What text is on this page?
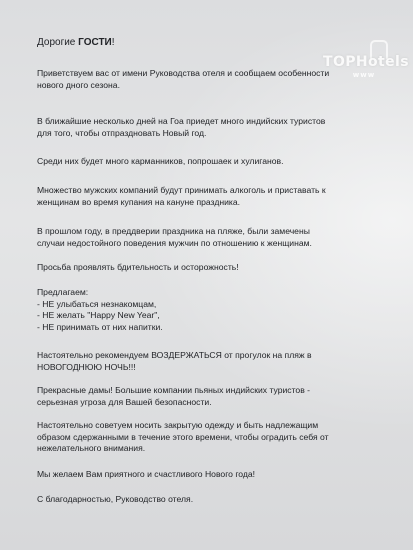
Дорогие ГОСТИ!
Приветствуем вас от имени Руководства отеля и сообщаем особенности
нового дного сезона.
В ближайшие несколько дней на Гоа приедет много индийских туристов
для того, чтобы отпраздновать Новый год.
Среди них будет много карманников, попрошаек и хулиганов.
Множество мужских компаний будут принимать алкоголь и приставать к
женщинам во время купания на кануне праздника.
В прошлом году, в преддверии праздника на пляже, были замечены
случаи недостойного поведения мужчин по отношению к женщинам.
Просьба проявлять бдительность и осторожность!
Предлагаем:
- НЕ улыбаться незнакомцам,
- НЕ желать "Happy New Year",
- НЕ принимать от них напитки.
Настоятельно рекомендуем ВОЗДЕРЖАТЬСЯ от прогулок на пляж в
НОВОГОДНЮЮ НОЧЬ!!!
Прекрасные дамы! Большие компании пьяных индийских туристов -
серьезная угроза для Вашей безопасности.
Настоятельно советуем носить закрытую одежду и быть надлежащим
образом сдержанными в течение этого времени, чтобы оградить себя от
нежелательного внимания.
Мы желаем Вам приятного и счастливого Нового года!
С благодарностью, Руководство отеля.
TOPHotels
www
